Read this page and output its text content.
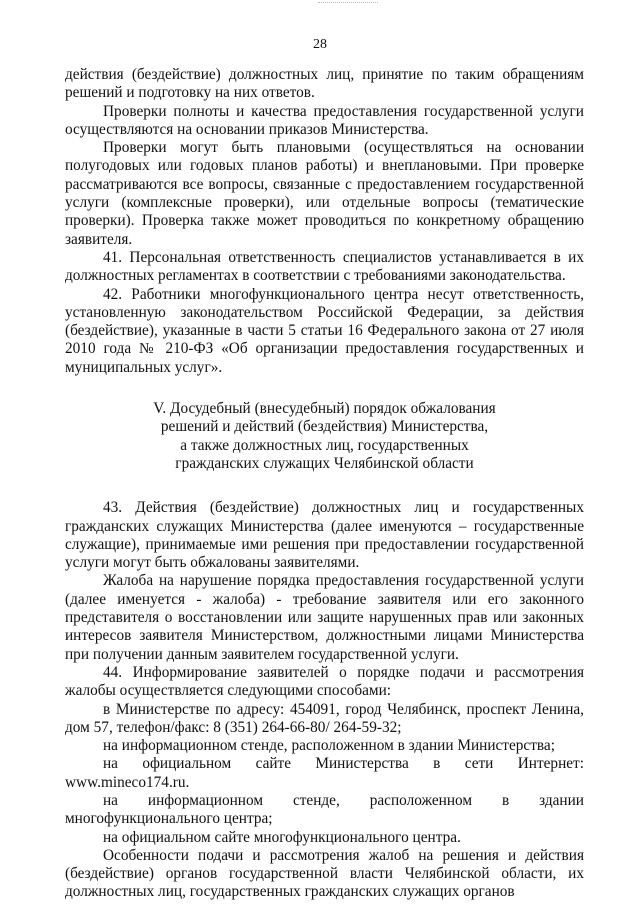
28

действия (бездействие) должностных лиц, принятие по таким обращениям решений и подготовку на них ответов.

Проверки полноты и качества предоставления государственной услуги осуществляются на основании приказов Министерства.

Проверки могут быть плановыми (осуществляться на основании полугодовых или годовых планов работы) и внеплановыми. При проверке рассматриваются все вопросы, связанные с предоставлением государственной услуги (комплексные проверки), или отдельные вопросы (тематические проверки). Проверка также может проводиться по конкретному обращению заявителя.

41. Персональная ответственность специалистов устанавливается в их должностных регламентах в соответствии с требованиями законодательства.

42. Работники многофункционального центра несут ответственность, установленную законодательством Российской Федерации, за действия (бездействие), указанные в части 5 статьи 16 Федерального закона от 27 июля 2010 года № 210-ФЗ «Об организации предоставления государственных и муниципальных услуг».

V. Досудебный (внесудебный) порядок обжалования
решений и действий (бездействия) Министерства,
а также должностных лиц, государственных
гражданских служащих Челябинской области

43. Действия (бездействие) должностных лиц и государственных гражданских служащих Министерства (далее именуются – государственные служащие), принимаемые ими решения при предоставлении государственной услуги могут быть обжалованы заявителями.

Жалоба на нарушение порядка предоставления государственной услуги (далее именуется - жалоба) - требование заявителя или его законного представителя о восстановлении или защите нарушенных прав или законных интересов заявителя Министерством, должностными лицами Министерства при получении данным заявителем государственной услуги.

44. Информирование заявителей о порядке подачи и рассмотрения жалобы осуществляется следующими способами:

в Министерстве по адресу: 454091, город Челябинск, проспект Ленина, дом 57, телефон/факс: 8 (351) 264-66-80/ 264-59-32;

на информационном стенде, расположенном в здании Министерства;

на официальном сайте Министерства в сети Интернет: www.mineco174.ru.

на информационном стенде, расположенном в здании многофункционального центра;

на официальном сайте многофункционального центра.

Особенности подачи и рассмотрения жалоб на решения и действия (бездействие) органов государственной власти Челябинской области, их должностных лиц, государственных гражданских служащих органов
